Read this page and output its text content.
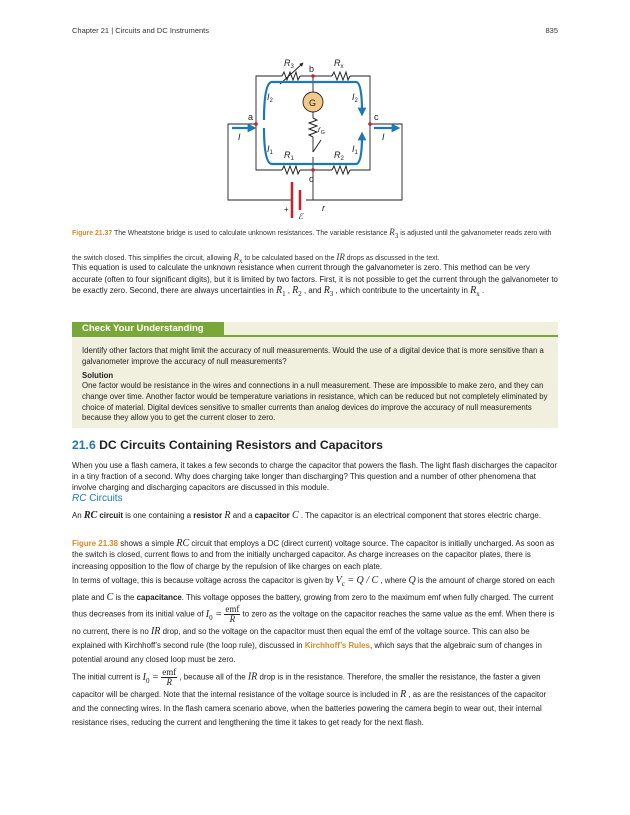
Chapter 21 | Circuits and DC Instruments	835
$R_3$	$R_x$
$I_2$	$I_2$
$r_G$
I	I
$I_1$	$I_1$
$R_1$	$R_2$
r
ℰ
b
G
a	c
d
+
Figure 21.37 The Wheatstone bridge is used to calculate unknown resistances. The variable resistance $R_3$ is adjusted until the galvanometer reads zero with the switch closed. This simplifies the circuit, allowing $R_x$ to be calculated based on the IR drops as discussed in the text.

This equation is used to calculate the unknown resistance when current through the galvanometer is zero. This method can be very accurate (often to four significant digits), but it is limited by two factors. First, it is not possible to get the current through the galvanometer to be exactly zero. Second, there are always uncertainties in $R_1$ , $R_2$ , and $R_3$ , which contribute to the uncertainty in $R_x$ .

Check Your Understanding

Identify other factors that might limit the accuracy of null measurements. Would the use of a digital device that is more sensitive than a galvanometer improve the accuracy of null measurements?

Solution

One factor would be resistance in the wires and connections in a null measurement. These are impossible to make zero, and they can change over time. Another factor would be temperature variations in resistance, which can be reduced but not completely eliminated by choice of material. Digital devices sensitive to smaller currents than analog devices do improve the accuracy of null measurements because they allow you to get the current closer to zero.

21.6 DC Circuits Containing Resistors and Capacitors

When you use a flash camera, it takes a few seconds to charge the capacitor that powers the flash. The light flash discharges the capacitor in a tiny fraction of a second. Why does charging take longer than discharging? This question and a number of other phenomena that involve charging and discharging capacitors are discussed in this module.

RC Circuits

An RC circuit is one containing a resistor R and a capacitor C . The capacitor is an electrical component that stores electric charge.

Figure 21.38 shows a simple RC circuit that employs a DC (direct current) voltage source. The capacitor is initially uncharged. As soon as the switch is closed, current flows to and from the initially uncharged capacitor. As charge increases on the capacitor plates, there is increasing opposition to the flow of charge by the repulsion of like charges on each plate.

In terms of voltage, this is because voltage across the capacitor is given by $V_c = Q / C$ , where Q is the amount of charge stored on each plate and C is the capacitance. This voltage opposes the battery, growing from zero to the maximum emf when fully charged. The current thus decreases from its initial value of $I_0 = \frac{\text{emf}}{R}$ to zero as the voltage on the capacitor reaches the same value as the emf. When there is no current, there is no IR drop, and so the voltage on the capacitor must then equal the emf of the voltage source. This can also be explained with Kirchhoff’s second rule (the loop rule), discussed in Kirchhoff’s Rules, which says that the algebraic sum of changes in potential around any closed loop must be zero.

The initial current is $I_0 = \frac{\text{emf}}{R}$ , because all of the IR drop is in the resistance. Therefore, the smaller the resistance, the faster a given capacitor will be charged. Note that the internal resistance of the voltage source is included in R , as are the resistances of the capacitor and the connecting wires. In the flash camera scenario above, when the batteries powering the camera begin to wear out, their internal resistance rises, reducing the current and lengthening the time it takes to get ready for the next flash.
